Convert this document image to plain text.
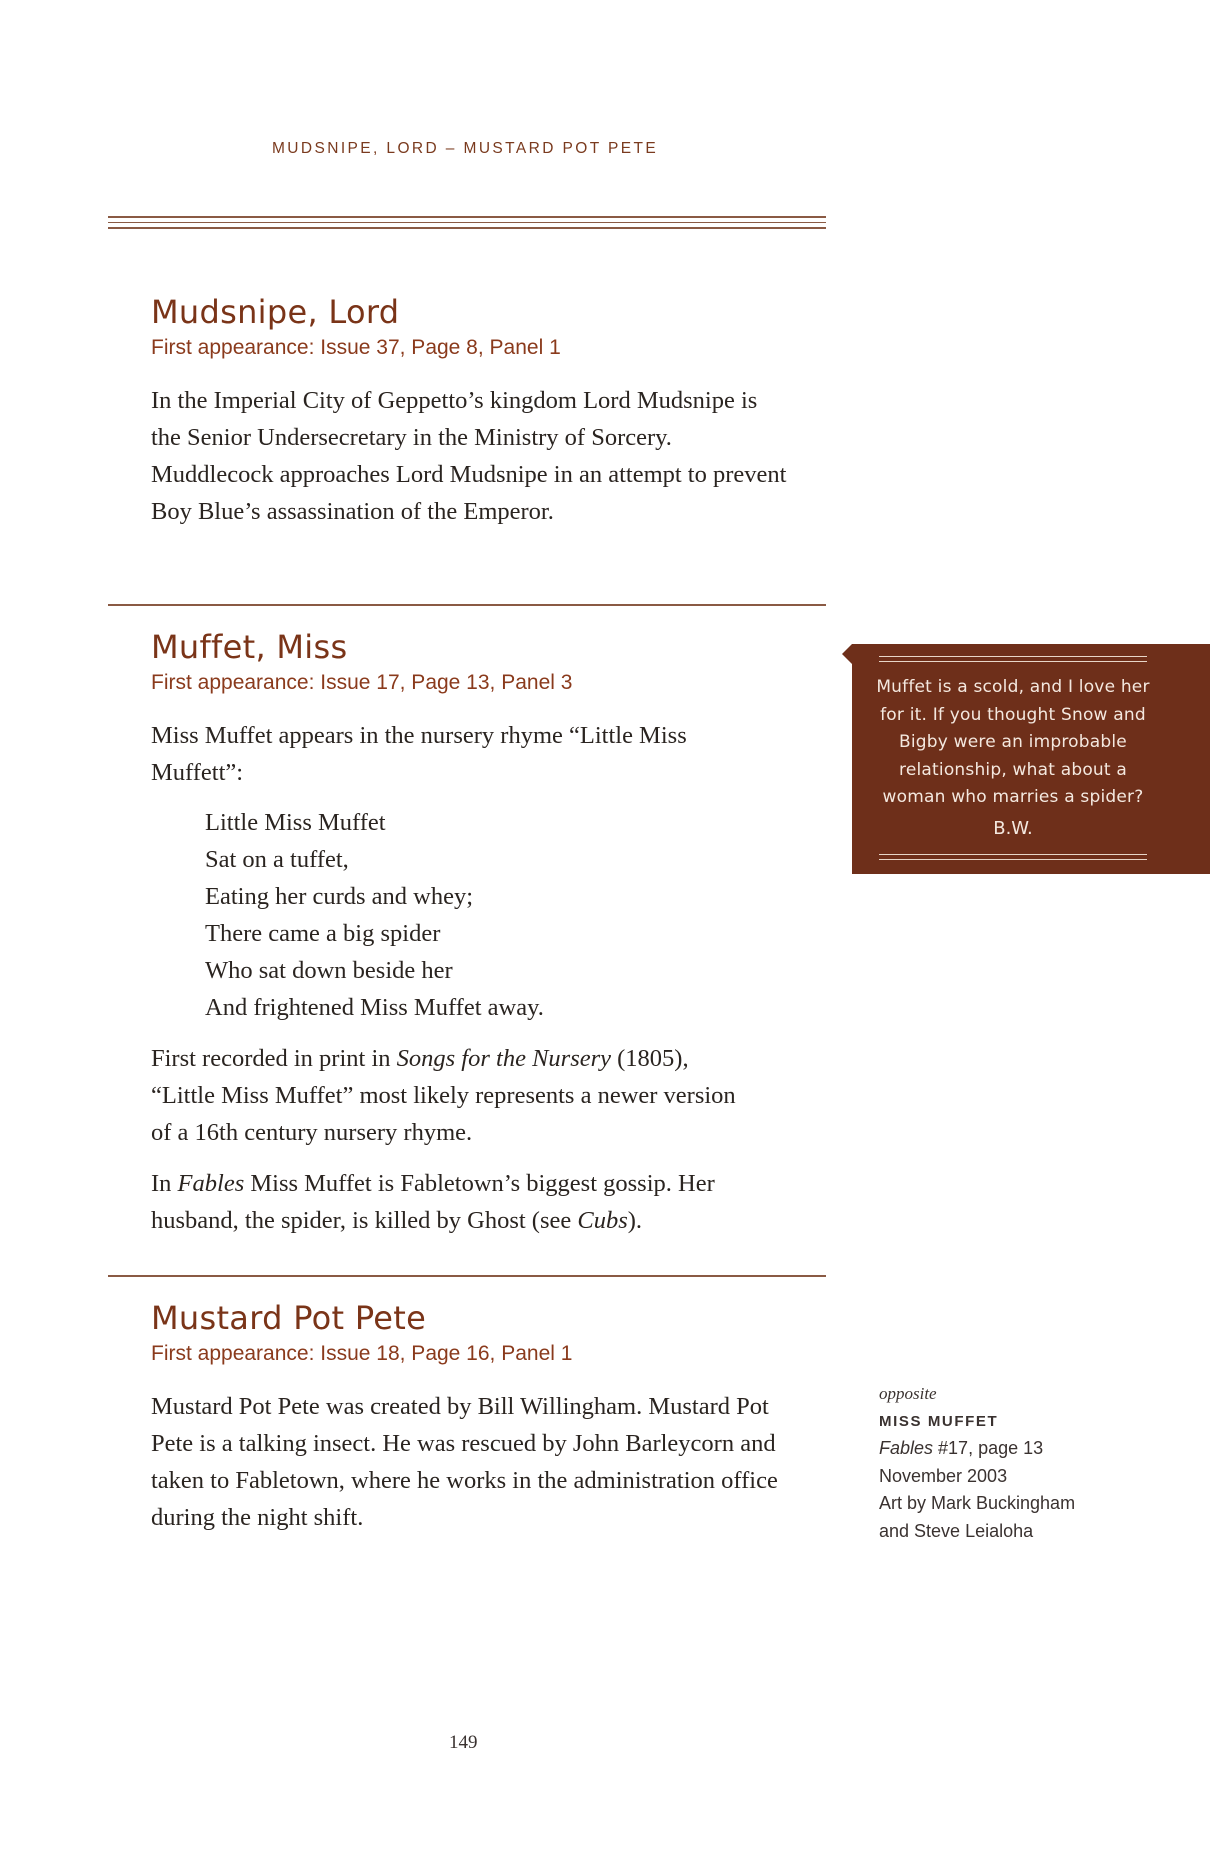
MUDSNIPE, LORD – MUSTARD POT PETE
Mudsnipe, Lord
First appearance: Issue 37, Page 8, Panel 1

In the Imperial City of Geppetto’s kingdom Lord Mudsnipe is the Senior Undersecretary in the Ministry of Sorcery. Muddlecock approaches Lord Mudsnipe in an attempt to prevent Boy Blue’s assassination of the Emperor.

Muffet, Miss
First appearance: Issue 17, Page 13, Panel 3

Miss Muffet appears in the nursery rhyme “Little Miss Muffett”:

Little Miss Muffet
Sat on a tuffet,
Eating her curds and whey;
There came a big spider
Who sat down beside her
And frightened Miss Muffet away.

First recorded in print in Songs for the Nursery (1805), “Little Miss Muffet” most likely represents a newer version of a 16th century nursery rhyme.

In Fables Miss Muffet is Fabletown’s biggest gossip. Her husband, the spider, is killed by Ghost (see Cubs).

Mustard Pot Pete
First appearance: Issue 18, Page 16, Panel 1

Mustard Pot Pete was created by Bill Willingham. Mustard Pot Pete is a talking insect. He was rescued by John Barleycorn and taken to Fabletown, where he works in the administration office during the night shift.

Muffet is a scold, and I love her for it. If you thought Snow and Bigby were an improbable relationship, what about a woman who marries a spider?
B.W.
opposite
MISS MUFFET
Fables #17, page 13
November 2003
Art by Mark Buckingham
and Steve Leialoha
149
